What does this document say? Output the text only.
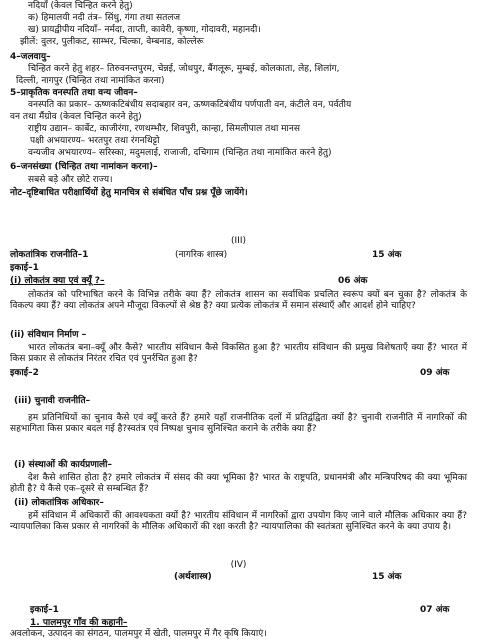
नदियाँ (केवल चिन्हित करने हेतु)
क) हिमालयी नदी तंत्र– सिंधु, गंगा तथा सतलज
ख) प्रायद्वीपीय नदियाँ– नर्मदा, ताप्ती, कावेरी, कृष्णा, गोदावरी, महानदी।
झीलें: वुलर, पुलीकट, साम्भर, चिल्का, वेम्बनाड, कोल्लेरू
4–जलवायु–
चिन्हित करने हेतु शहर– तिरुवनन्तपुरम, चेन्नई, जोधपुर, बैंगलूरू, मुम्बई, कोलकाता, लेह, शिलांग,
दिल्ली, नागपुर (चिन्हित तथा नामांकित करना)
5–प्राकृतिक वनस्पति तथा वन्य जीवन–
वनस्पति का प्रकार– ऊष्णकटिबंधीय सदाबहार वन, ऊष्णकटिबंधीय पर्णपाती वन, कंटीले वन, पर्वतीय
वन तथा मैंग्रोव (केवल चिन्हित करने हेतु)
राष्ट्रीय उद्यान– कार्बेट, काजीरंगा, रणथम्भौर, शिवपुरी, कान्हा, सिमलीपाल तथा मानस
पक्षी अभयारण्य– भरतपुर तथा रंगनथिट्टो
वन्यजीव अभयारण्य– सरिस्का, मदुमलाई, राजाजी, दचिगाम (चिन्हित तथा नामांकित करने हेतु)
6–जनसंख्या (चिन्हित तथा नामांकन करना)–
सबसे बड़े और छोटे राज्य।
नोट–दृष्टिबाधित परीक्षार्थियों हेतु मानचित्र से संबंधित पाँच प्रश्न पूँछे जायेंगे।
(III)
लोकतांत्रिक राजनीति–1	(नागरिक शास्त्र)	15 अंक
इकाई–1
(i) लोकतंत्र क्या एवं क्यूँ ?–	06 अंक
लोकतंत्र को परिभाषित करने के विभिन्न तरीके क्या हैं? लोकतंत्र शासन का सर्वाधिक प्रचलित स्वरूप क्यों बन चुका है? लोकतंत्र के विकल्प क्या हैं? क्या लोकतंत्र अपने मौजूदा विकल्पों से श्रेष्ठ है? क्या प्रत्येक लोकतंत्र में समान संस्थाएँ और आदर्श होने चाहिए?
(ii) संविधान निर्माण –
भारत लोकतंत्र बना–क्यूँ और कैसे? भारतीय संविधान कैसे विकसित हुआ है? भारतीय संविधान की प्रमुख विशेषताएँ क्या हैं? भारत में किस प्रकार से लोकतंत्र निरंतर रचित एवं पुनर्रचित हुआ है?
इकाई–2	09 अंक
(iii) चुनावी राजनीति–
हम प्रतिनिधियों का चुनाव कैसे एवं क्यूँ करते हैं? हमारे यहाँ राजनीतिक दलों में प्रतिद्वंद्विता क्यों है? चुनावी राजनीति में नागरिकों की सहभागिता किस प्रकार बदल गई है?स्वतंत्र एवं निष्पक्ष चुनाव सुनिश्चित कराने के तरीके क्या हैं?
(i) संस्थाओं की कार्यप्रणाली–
देश कैसे शासित होता है? हमारे लोकतंत्र में संसद की क्या भूमिका है? भारत के राष्ट्रपति, प्रधानमंत्री और मन्त्रिपरिषद की क्या भूमिका होती है? ये कैसे एक–दूसरे से सम्बन्धित हैं?
(ii) लोकतांत्रिक अधिकार–
हमें संविधान में अधिकारों की आवश्यकता क्यों है? भारतीय संविधान में नागरिकों द्वारा उपयोग किए जाने वाले मौलिक अधिकार क्या हैं? न्यायपालिका किस प्रकार से नागरिकों के मौलिक अधिकारों की रक्षा करती है? न्यायपालिका की स्वतंत्रता सुनिश्चित करने के क्या उपाय है।
(IV)
(अर्थशास्त्र)	15 अंक
इकाई–1	07 अंक
1. पालमपुर गाँव की कहानी–
अवलोकन, उत्पादन का संगठन, पालमपुर में खेती, पालमपुर में गैर कृषि कियाएं।
